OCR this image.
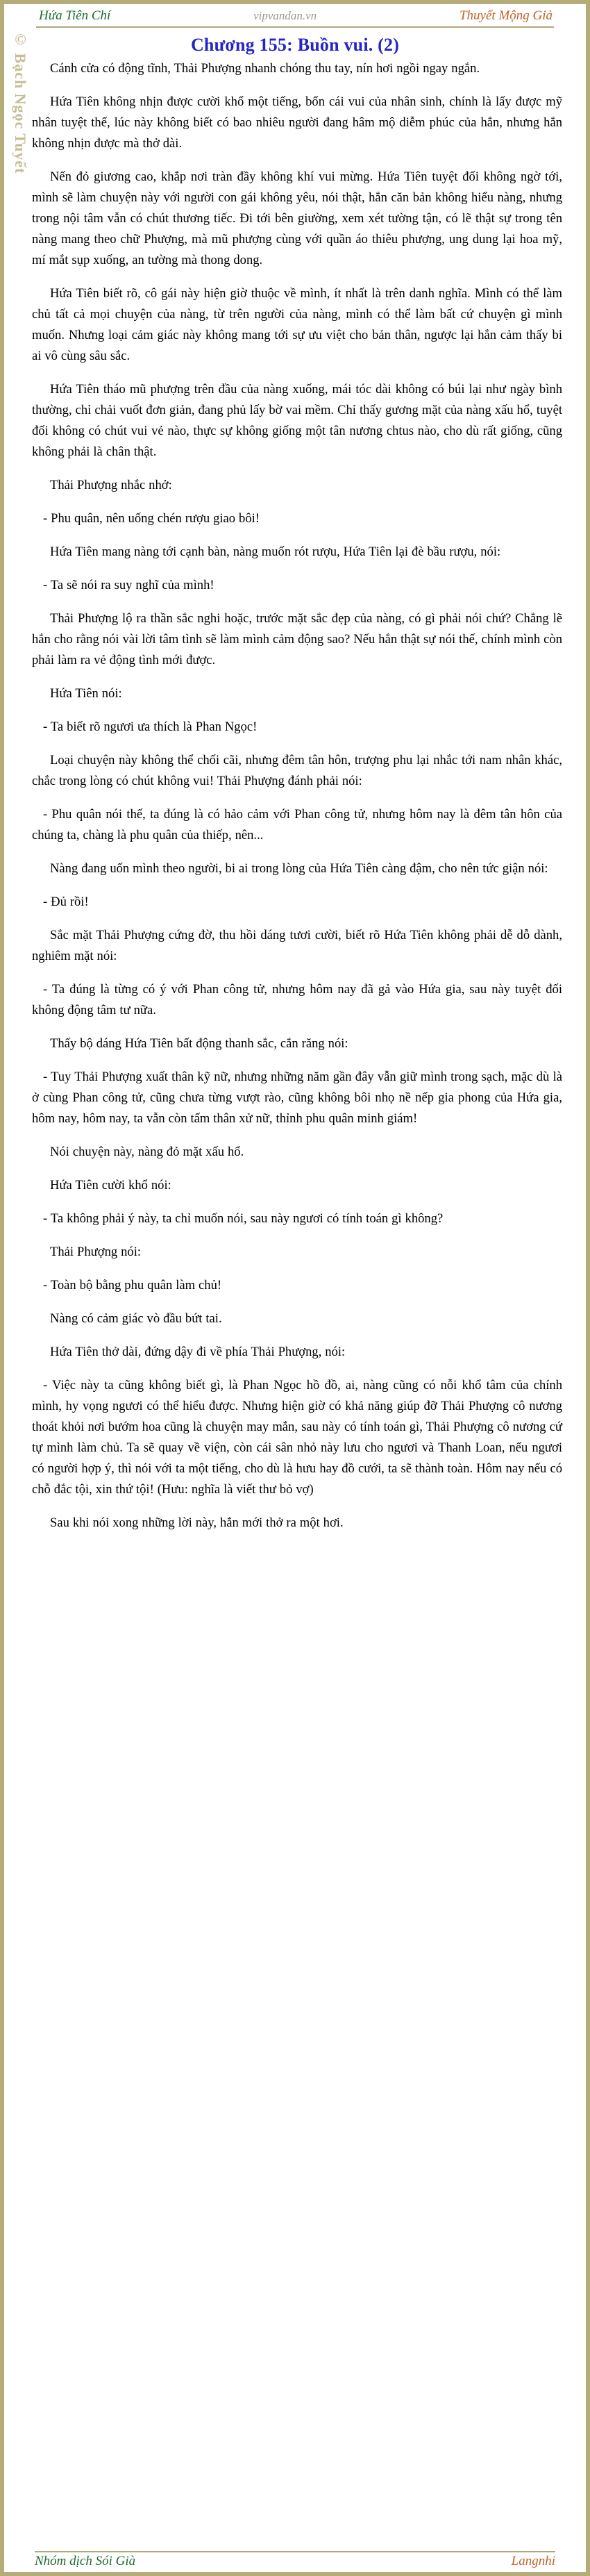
© Bạch Ngọc Tuyết
Hứa Tiên Chí	vipvandan.vn	Thuyết Mộng Giả
Chương 155: Buồn vui. (2)

Cánh cửa có động tĩnh, Thải Phượng nhanh chóng thu tay, nín hơi ngồi ngay ngắn.

Hứa Tiên không nhịn được cười khổ một tiếng, bốn cái vui của nhân sinh, chính là lấy được mỹ nhân tuyệt thế, lúc này không biết có bao nhiêu người đang hâm mộ diễm phúc của hắn, nhưng hắn không nhịn được mà thở dài.

Nến đỏ giương cao, khắp nơi tràn đầy không khí vui mừng. Hứa Tiên tuyệt đối không ngờ tới, mình sẽ làm chuyện này với người con gái không yêu, nói thật, hắn căn bản không hiểu nàng, nhưng trong nội tâm vẫn có chút thương tiếc. Đi tới bên giường, xem xét tường tận, có lẽ thật sự trong tên nàng mang theo chữ Phượng, mà mũ phượng cùng với quần áo thiêu phượng, ung dung lại hoa mỹ, mí mắt sụp xuống, an tường mà thong dong.

Hứa Tiên biết rõ, cô gái này hiện giờ thuộc về mình, ít nhất là trên danh nghĩa. Mình có thể làm chủ tất cả mọi chuyện của nàng, từ trên người của nàng, mình có thể làm bất cứ chuyện gì mình muốn. Nhưng loại cảm giác này không mang tới sự ưu việt cho bản thân, ngược lại hắn cảm thấy bi ai vô cùng sâu sắc.

Hứa Tiên tháo mũ phượng trên đầu của nàng xuống, mái tóc dài không có búi lại như ngày bình thường, chỉ chải vuốt đơn giản, đang phủ lấy bờ vai mềm. Chỉ thấy gương mặt của nàng xấu hổ, tuyệt đối không có chút vui vẻ nào, thực sự không giống một tân nương chtus nào, cho dù rất giống, cũng không phải là chân thật.

Thải Phượng nhắc nhở:

- Phu quân, nên uống chén rượu giao bôi!

Hứa Tiên mang nàng tới cạnh bàn, nàng muốn rót rượu, Hứa Tiên lại đè bầu rượu, nói:

- Ta sẽ nói ra suy nghĩ của mình!

Thải Phượng lộ ra thần sắc nghi hoặc, trước mặt sắc đẹp của nàng, có gì phải nói chứ? Chẳng lẽ hắn cho rằng nói vài lời tâm tình sẽ làm mình cảm động sao? Nếu hắn thật sự nói thế, chính mình còn phải làm ra vẻ động tình mới được.

Hứa Tiên nói:

- Ta biết rõ ngươi ưa thích là Phan Ngọc!

Loại chuyện này không thể chối cãi, nhưng đêm tân hôn, trượng phu lại nhắc tới nam nhân khác, chắc trong lòng có chút không vui! Thải Phượng đánh phải nói:

- Phu quân nói thế, ta đúng là có hảo cảm với Phan công tử, nhưng hôm nay là đêm tân hôn của chúng ta, chàng là phu quân của thiếp, nên...

Nàng đang uốn mình theo người, bi ai trong lòng của Hứa Tiên càng đậm, cho nên tức giận nói:

- Đủ rồi!

Sắc mặt Thải Phượng cứng đờ, thu hồi dáng tươi cười, biết rõ Hứa Tiên không phải dễ dỗ dành, nghiêm mặt nói:

- Ta đúng là từng có ý với Phan công tử, nhưng hôm nay đã gả vào Hứa gia, sau này tuyệt đối không động tâm tư nữa.

Thấy bộ dáng Hứa Tiên bất động thanh sắc, cắn răng nói:

- Tuy Thải Phượng xuất thân kỹ nữ, nhưng những năm gần đây vẫn giữ mình trong sạch, mặc dù là ở cùng Phan công tử, cũng chưa từng vượt rào, cũng không bôi nhọ nề nếp gia phong của Hứa gia, hôm nay, hôm nay, ta vẫn còn tấm thân xử nữ, thỉnh phu quân minh giám!

Nói chuyện này, nàng đỏ mặt xấu hổ.

Hứa Tiên cười khổ nói:

- Ta không phải ý này, ta chỉ muốn nói, sau này ngươi có tính toán gì không?

Thải Phượng nói:

- Toàn bộ bằng phu quân làm chủ!

Nàng có cảm giác vò đầu bứt tai.

Hứa Tiên thở dài, đứng dậy đi về phía Thải Phượng, nói:

- Việc này ta cũng không biết gì, là Phan Ngọc hồ đồ, ai, nàng cũng có nỗi khổ tâm của chính mình, hy vọng ngươi có thể hiểu được. Nhưng hiện giờ có khả năng giúp đỡ Thải Phượng cô nương thoát khỏi nơi bướm hoa cũng là chuyện may mắn, sau này có tính toán gì, Thải Phượng cô nương cứ tự mình làm chủ. Ta sẽ quay về viện, còn cái sân nhỏ này lưu cho ngươi và Thanh Loan, nếu ngươi có người hợp ý, thì nói với ta một tiếng, cho dù là hưu hay đồ cưới, ta sẽ thành toàn. Hôm nay nếu có chỗ đắc tội, xin thứ tội! (Hưu: nghĩa là viết thư bỏ vợ)

Sau khi nói xong những lời này, hắn mới thở ra một hơi.

Nhóm dịch Sói Già	Langnhi
